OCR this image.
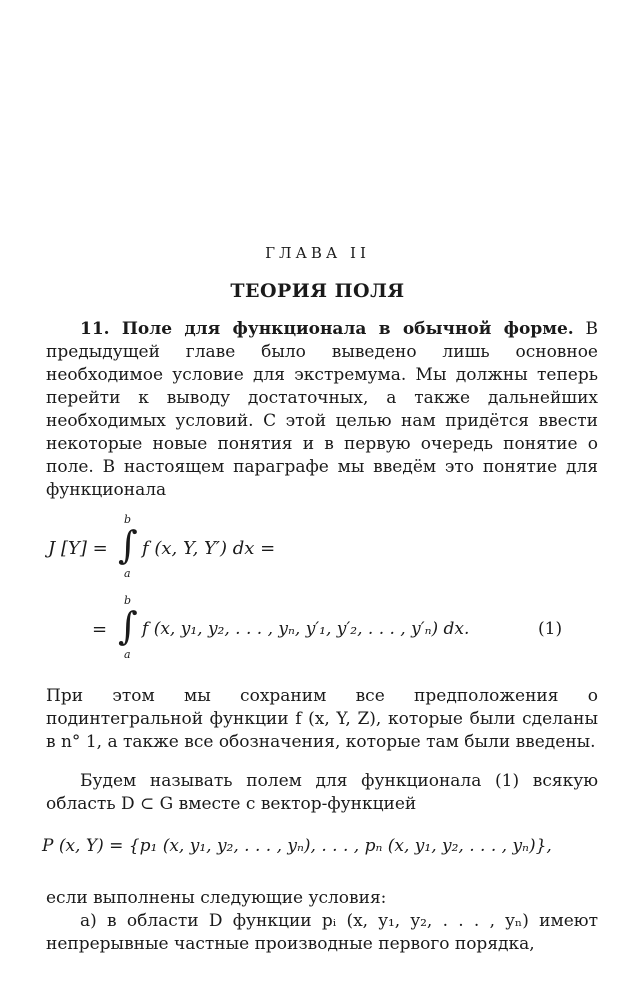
ГЛАВА II
ТЕОРИЯ ПОЛЯ
11. Поле для функционала в обычной форме. В предыдущей главе было выведено лишь основное необходимое условие для экстремума. Мы должны теперь перейти к выводу достаточных, а также дальнейших необходимых условий. С этой целью нам придётся ввести некоторые новые понятия и в первую очередь понятие о поле. В настоящем параграфе мы введём это понятие для функционала
J [Y] =
b
∫
a
f (x, Y, Y′) dx =
=
b
∫
a
f (x, y₁, y₂, . . . , yₙ, y′₁, y′₂, . . . , y′ₙ) dx.	(1)
При этом мы сохраним все предположения о подинтегральной функции f (x, Y, Z), которые были сделаны в n° 1, а также все обозначения, которые там были введены.
Будем называть полем для функционала (1) всякую область D ⊂ G вместе с вектор-функцией
P (x, Y) = {p₁ (x, y₁, y₂, . . . , yₙ), . . . , pₙ (x, y₁, y₂, . . . , yₙ)},
если выполнены следующие условия:
а) в области D функции pᵢ (x, y₁, y₂, . . . , yₙ) имеют непрерывные частные производные первого порядка,
